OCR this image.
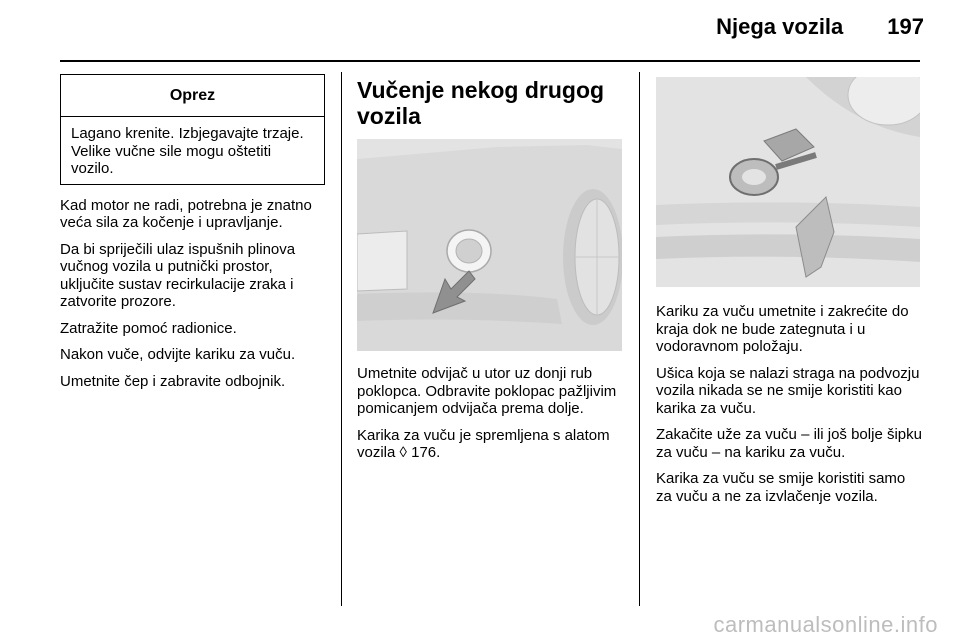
Njega vozila 197
Oprez
Lagano krenite. Izbjegavajte trzaje. Velike vučne sile mogu oštetiti vozilo.

Kad motor ne radi, potrebna je znatno veća sila za kočenje i upravljanje.

Da bi spriječili ulaz ispušnih plinova vučnog vozila u putnički prostor, uključite sustav recirkulacije zraka i zatvorite prozore.

Zatražite pomoć radionice.

Nakon vuče, odvijte kariku za vuču.

Umetnite čep i zabravite odbojnik.

Vučenje nekog drugog vozila

Umetnite odvijač u utor uz donji rub poklopca. Odbravite poklopac pažljivim pomicanjem odvijača prema dolje.

Karika za vuču je spremljena s alatom vozila ◊ 176.

Kariku za vuču umetnite i zakrećite do kraja dok ne bude zategnuta i u vodoravnom položaju.

Ušica koja se nalazi straga na podvozju vozila nikada se ne smije koristiti kao karika za vuču.

Zakačite uže za vuču – ili još bolje šipku za vuču – na kariku za vuču.

Karika za vuču se smije koristiti samo za vuču a ne za izvlačenje vozila.

carmanualsonline.info
